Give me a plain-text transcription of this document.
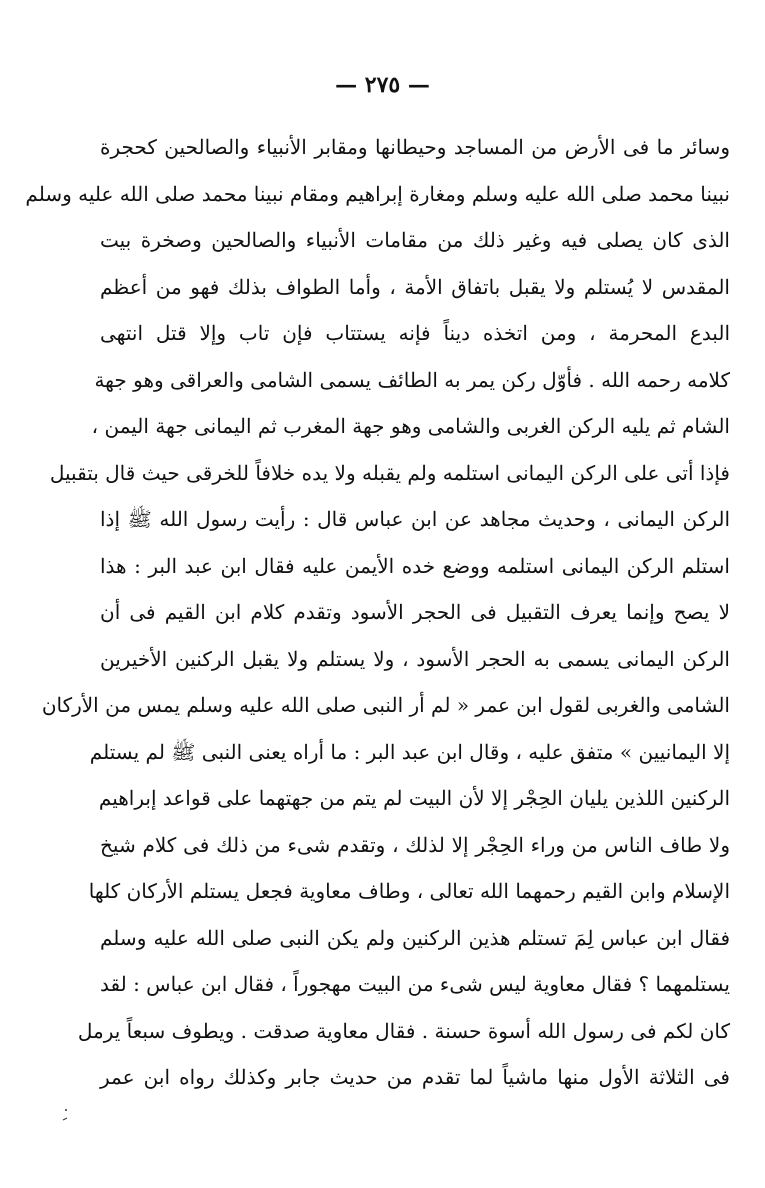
— ٢٧٥ —
وسائر ما فى الأرض من المساجد وحيطانها ومقابر الأنبياء والصالحين كحجرة
نبينا محمد صلى الله عليه وسلم ومغارة إبراهيم ومقام نبينا محمد صلى الله عليه وسلم
الذى كان يصلى فيه وغير ذلك من مقامات الأنبياء والصالحين وصخرة بيت
المقدس لا يُستلم ولا يقبل باتفاق الأمة ، وأما الطواف بذلك فهو من أعظم
البدع المحرمة ، ومن اتخذه ديناً فإنه يستتاب فإن تاب وإلا قتل انتهى
كلامه رحمه الله . فأوّل ركن يمر به الطائف يسمى الشامى والعراقى وهو جهة
الشام ثم يليه الركن الغربى والشامى وهو جهة المغرب ثم اليمانى جهة اليمن ،
فإذا أتى على الركن اليمانى استلمه ولم يقبله ولا يده خلافاً للخرقى حيث قال بتقبيل
الركن اليمانى ، وحديث مجاهد عن ابن عباس قال : رأيت رسول الله ﷺ إذا
استلم الركن اليمانى استلمه ووضع خده الأيمن عليه فقال ابن عبد البر : هذا
لا يصح وإنما يعرف التقبيل فى الحجر الأسود وتقدم كلام ابن القيم فى أن
الركن اليمانى يسمى به الحجر الأسود ، ولا يستلم ولا يقبل الركنين الأخيرين
الشامى والغربى لقول ابن عمر « لم أر النبى صلى الله عليه وسلم يمس من الأركان
إلا اليمانيين » متفق عليه ، وقال ابن عبد البر : ما أراه يعنى النبى ﷺ لم يستلم
الركنين اللذين يليان الحِجْر إلا لأن البيت لم يتم من جهتهما على قواعد إبراهيم
ولا طاف الناس من وراء الحِجْر إلا لذلك ، وتقدم شىء من ذلك فى كلام شيخ
الإسلام وابن القيم رحمهما الله تعالى ، وطاف معاوية فجعل يستلم الأركان كلها
فقال ابن عباس لِمَ تستلم هذين الركنين ولم يكن النبى صلى الله عليه وسلم
يستلمهما ؟ فقال معاوية ليس شىء من البيت مهجوراً ، فقال ابن عباس : لقد
كان لكم فى رسول الله أسوة حسنة . فقال معاوية صدقت . ويطوف سبعاً يرمل
فى الثلاثة الأول منها ماشياً لما تقدم من حديث جابر وكذلك رواه ابن عمر
